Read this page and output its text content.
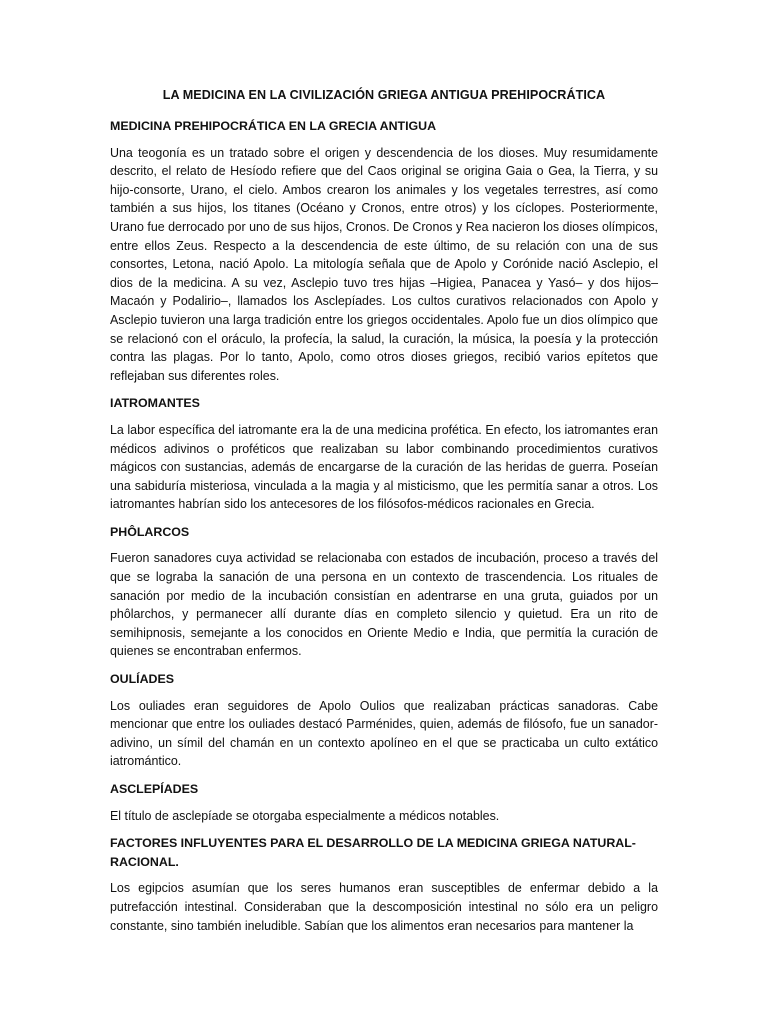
LA MEDICINA EN LA CIVILIZACIÓN GRIEGA ANTIGUA PREHIPOCRÁTICA
MEDICINA PREHIPOCRÁTICA EN LA GRECIA ANTIGUA
Una teogonía es un tratado sobre el origen y descendencia de los dioses. Muy resumidamente descrito, el relato de Hesíodo refiere que del Caos original se origina Gaia o Gea, la Tierra, y su hijo-consorte, Urano, el cielo. Ambos crearon los animales y los vegetales terrestres, así como también a sus hijos, los titanes (Océano y Cronos, entre otros) y los cíclopes. Posteriormente, Urano fue derrocado por uno de sus hijos, Cronos. De Cronos y Rea nacieron los dioses olímpicos, entre ellos Zeus. Respecto a la descendencia de este último, de su relación con una de sus consortes, Letona, nació Apolo. La mitología señala que de Apolo y Corónide nació Asclepio, el dios de la medicina. A su vez, Asclepio tuvo tres hijas –Higiea, Panacea y Yasó– y dos hijos–Macaón y Podalirio–, llamados los Asclepíades. Los cultos curativos relacionados con Apolo y Asclepio tuvieron una larga tradición entre los griegos occidentales. Apolo fue un dios olímpico que se relacionó con el oráculo, la profecía, la salud, la curación, la música, la poesía y la protección contra las plagas. Por lo tanto, Apolo, como otros dioses griegos, recibió varios epítetos que reflejaban sus diferentes roles.
IATROMANTES
La labor específica del iatromante era la de una medicina profética. En efecto, los iatromantes eran médicos adivinos o proféticos que realizaban su labor combinando procedimientos curativos mágicos con sustancias, además de encargarse de la curación de las heridas de guerra. Poseían una sabiduría misteriosa, vinculada a la magia y al misticismo, que les permitía sanar a otros. Los iatromantes habrían sido los antecesores de los filósofos-médicos racionales en Grecia.
PHÔLARCOS
Fueron sanadores cuya actividad se relacionaba con estados de incubación, proceso a través del que se lograba la sanación de una persona en un contexto de trascendencia. Los rituales de sanación por medio de la incubación consistían en adentrarse en una gruta, guiados por un phôlarchos, y permanecer allí durante días en completo silencio y quietud. Era un rito de semihipnosis, semejante a los conocidos en Oriente Medio e India, que permitía la curación de quienes se encontraban enfermos.
OULÍADES
Los ouliades eran seguidores de Apolo Oulios que realizaban prácticas sanadoras. Cabe mencionar que entre los ouliades destacó Parménides, quien, además de filósofo, fue un sanador-adivino, un símil del chamán en un contexto apolíneo en el que se practicaba un culto extático iatromántico.
ASCLEPÍADES
El título de asclepíade se otorgaba especialmente a médicos notables.
FACTORES INFLUYENTES PARA EL DESARROLLO DE LA MEDICINA GRIEGA NATURAL-RACIONAL.
Los egipcios asumían que los seres humanos eran susceptibles de enfermar debido a la putrefacción intestinal. Consideraban que la descomposición intestinal no sólo era un peligro constante, sino también ineludible. Sabían que los alimentos eran necesarios para mantener la
